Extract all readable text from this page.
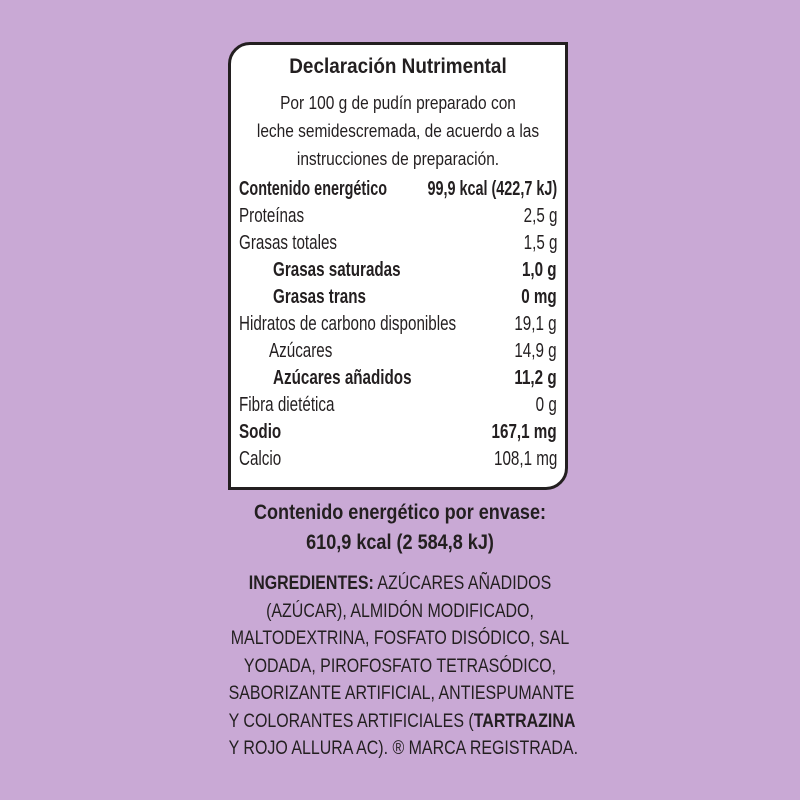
Declaración Nutrimental
Por 100 g de pudín preparado con
leche semidescremada, de acuerdo a las
instrucciones de preparación.
Contenido energético 99,9 kcal (422,7 kJ)
Proteínas	2,5 g
Grasas totales	1,5 g
Grasas saturadas	1,0 g
Grasas trans	0 mg
Hidratos de carbono disponibles	19,1 g
Azúcares	14,9 g
Azúcares añadidos	11,2 g
Fibra dietética	0 g
Sodio	167,1 mg
Calcio	108,1 mg
Contenido energético por envase:
610,9 kcal (2 584,8 kJ)
INGREDIENTES: AZÚCARES AÑADIDOS
(AZÚCAR), ALMIDÓN MODIFICADO,
MALTODEXTRINA, FOSFATO DISÓDICO, SAL
YODADA, PIROFOSFATO TETRASÓDICO,
SABORIZANTE ARTIFICIAL, ANTIESPUMANTE
Y COLORANTES ARTIFICIALES (TARTRAZINA
Y ROJO ALLURA AC). ® MARCA REGISTRADA.
